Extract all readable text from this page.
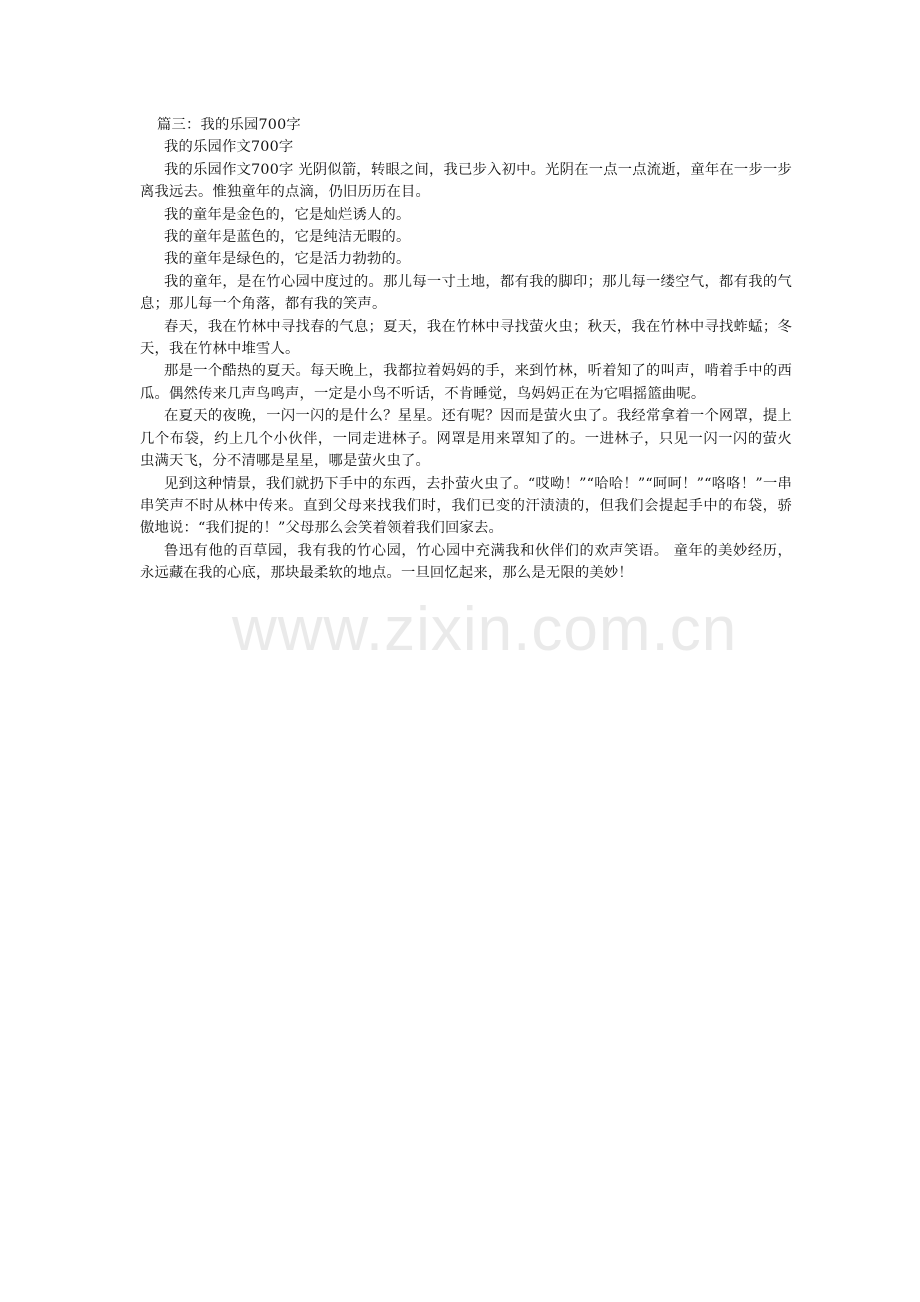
篇三：我的乐园700字

我的乐园作文700字

我的乐园作文700字 光阴似箭，转眼之间，我已步入初中。光阴在一点一点流逝，童年在一步一步离我远去。惟独童年的点滴，仍旧历历在目。

我的童年是金色的，它是灿烂诱人的。

我的童年是蓝色的，它是纯洁无暇的。

我的童年是绿色的，它是活力勃勃的。

我的童年，是在竹心园中度过的。那儿每一寸土地，都有我的脚印；那儿每一缕空气，都有我的气息；那儿每一个角落，都有我的笑声。

春天，我在竹林中寻找春的气息；夏天，我在竹林中寻找萤火虫；秋天，我在竹林中寻找蚱蜢；冬天，我在竹林中堆雪人。

那是一个酷热的夏天。每天晚上，我都拉着妈妈的手，来到竹林，听着知了的叫声，啃着手中的西瓜。偶然传来几声鸟鸣声，一定是小鸟不听话，不肯睡觉，鸟妈妈正在为它唱摇篮曲呢。

在夏天的夜晚，一闪一闪的是什么？星星。还有呢？因而是萤火虫了。我经常拿着一个网罩，提上几个布袋，约上几个小伙伴，一同走进林子。网罩是用来罩知了的。一进林子，只见一闪一闪的萤火虫满天飞，分不清哪是星星，哪是萤火虫了。

见到这种情景，我们就扔下手中的东西，去扑萤火虫了。“哎呦！”“哈哈！”“呵呵！”“咯咯！”一串串笑声不时从林中传来。直到父母来找我们时，我们已变的汗渍渍的，但我们会提起手中的布袋，骄傲地说：“我们捉的！”父母那么会笑着领着我们回家去。

鲁迅有他的百草园，我有我的竹心园，竹心园中充满我和伙伴们的欢声笑语。 童年的美妙经历，永远藏在我的心底，那块最柔软的地点。一旦回忆起来，那么是无限的美妙！

www.zixin.com.cn
